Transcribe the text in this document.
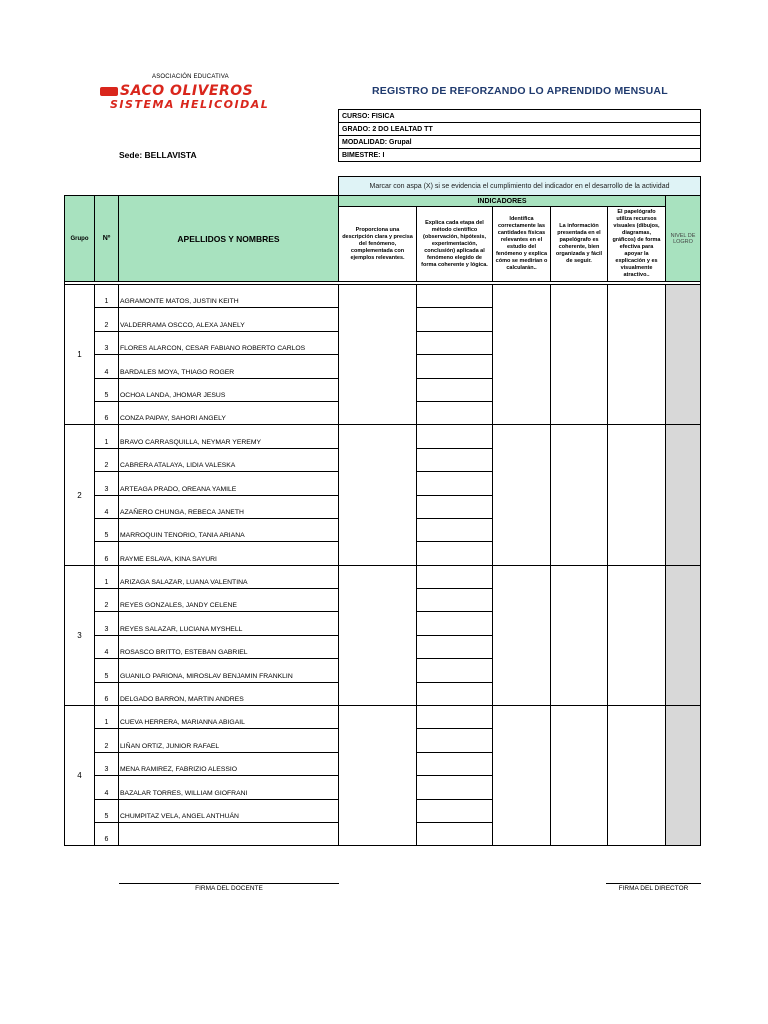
ASOCIACIÓN EDUCATIVA
SACO OLIVEROS
SISTEMA HELICOIDAL
REGISTRO DE REFORZANDO LO APRENDIDO MENSUAL
CURSO: FISICA
GRADO: 2 DO LEALTAD TT
MODALIDAD: Grupal
BIMESTRE: I
Sede: BELLAVISTA
Marcar con aspa (X) si se evidencia el cumplimiento del indicador en el desarrollo de la actividad
Grupo	Nº	APELLIDOS Y NOMBRES	INDICADORES					NIVEL DE LOGRO
			Proporciona una descripción clara y precisa del fenómeno, complementada con ejemplos relevantes.	Explica cada etapa del método científico (observación, hipótesis, experimentación, conclusión) aplicada al fenómeno elegido de forma coherente y lógica.	Identifica correctamente las cantidades físicas relevantes en el estudio del fenómeno y explica cómo se medirían o calcularán..	La información presentada en el papelógrafo es coherente, bien organizada y fácil de seguir.	El papelógrafo utiliza recursos visuales (dibujos, diagramas, gráficos) de forma efectiva para apoyar la explicación y es visualmente atractivo..	

1	1	AGRAMONTE MATOS, JUSTIN KEITH						
	2	VALDERRAMA OSCCO, ALEXA JANELY						
	3	FLORES ALARCON, CESAR FABIANO ROBERTO CARLOS						
	4	BARDALES MOYA, THIAGO ROGER						
	5	OCHOA LANDA, JHOMAR JESUS						
	6	CONZA PAIPAY, SAHORI ANGELY						
2	1	BRAVO CARRASQUILLA, NEYMAR YEREMY						
	2	CABRERA ATALAYA, LIDIA VALESKA						
	3	ARTEAGA PRADO, OREANA YAMILE						
	4	AZAÑERO CHUNGA, REBECA JANETH						
	5	MARROQUIN TENORIO, TANIA ARIANA						
	6	RAYME ESLAVA, KINA SAYURI						
3	1	ARIZAGA SALAZAR, LUANA VALENTINA						
	2	REYES GONZALES, JANDY CELENE						
	3	REYES SALAZAR, LUCIANA MYSHELL						
	4	ROSASCO BRITTO, ESTEBAN GABRIEL						
	5	GUANILO PARIONA, MIROSLAV BENJAMIN FRANKLIN						
	6	DELGADO BARRON, MARTIN ANDRES						
4	1	CUEVA HERRERA, MARIANNA ABIGAIL						
	2	LIÑAN ORTIZ, JUNIOR RAFAEL						
	3	MENA RAMIREZ, FABRIZIO ALESSIO						
	4	BAZALAR TORRES, WILLIAM GIOFRANI						
	5	CHUMPITAZ VELA, ANGEL ANTHUÁN						
	6							
FIRMA DEL DOCENTE	FIRMA DEL DIRECTOR
